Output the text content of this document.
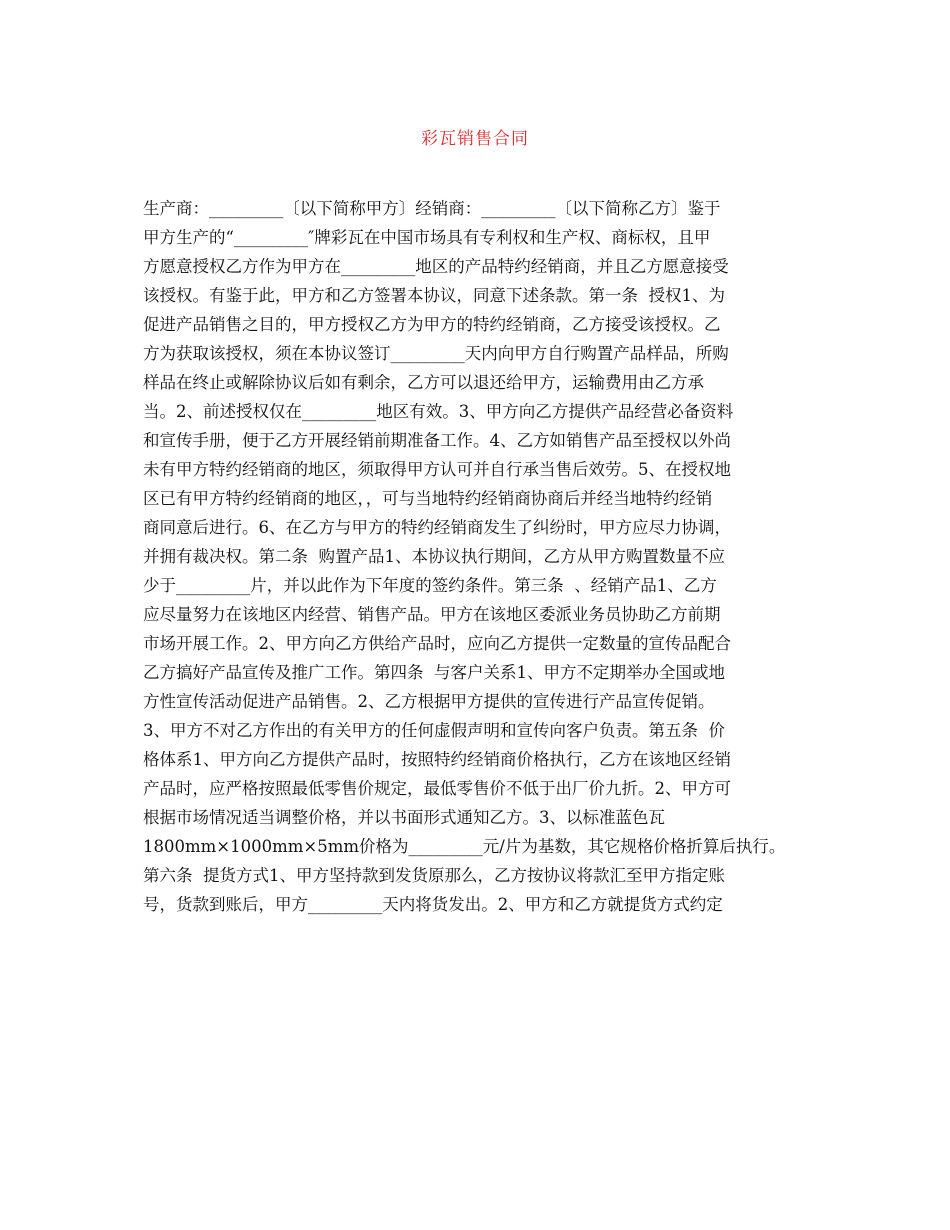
彩瓦销售合同
生产商：_________〔以下简称甲方〕经销商：_________〔以下简称乙方〕鉴于
甲方生产的“_________″牌彩瓦在中国市场具有专利权和生产权、商标权，且甲
方愿意授权乙方作为甲方在_________地区的产品特约经销商，并且乙方愿意接受
该授权。有鉴于此，甲方和乙方签署本协议，同意下述条款。第一条  授权1、为
促进产品销售之目的，甲方授权乙方为甲方的特约经销商，乙方接受该授权。乙
方为获取该授权，须在本协议签订_________天内向甲方自行购置产品样品，所购
样品在终止或解除协议后如有剩余，乙方可以退还给甲方，运输费用由乙方承
当。2、前述授权仅在_________地区有效。3、甲方向乙方提供产品经营必备资料
和宣传手册，便于乙方开展经销前期准备工作。4、乙方如销售产品至授权以外尚
未有甲方特约经销商的地区，须取得甲方认可并自行承当售后效劳。5、在授权地
区已有甲方特约经销商的地区，，可与当地特约经销商协商后并经当地特约经销
商同意后进行。6、在乙方与甲方的特约经销商发生了纠纷时，甲方应尽力协调，
并拥有裁决权。第二条  购置产品1、本协议执行期间，乙方从甲方购置数量不应
少于_________片，并以此作为下年度的签约条件。第三条  、经销产品1、乙方
应尽量努力在该地区内经营、销售产品。甲方在该地区委派业务员协助乙方前期
市场开展工作。2、甲方向乙方供给产品时，应向乙方提供一定数量的宣传品配合
乙方搞好产品宣传及推广工作。第四条  与客户关系1、甲方不定期举办全国或地
方性宣传活动促进产品销售。2、乙方根据甲方提供的宣传进行产品宣传促销。
3、甲方不对乙方作出的有关甲方的任何虚假声明和宣传向客户负责。第五条  价
格体系1、甲方向乙方提供产品时，按照特约经销商价格执行，乙方在该地区经销
产品时，应严格按照最低零售价规定，最低零售价不低于出厂价九折。2、甲方可
根据市场情况适当调整价格，并以书面形式通知乙方。3、以标准蓝色瓦
1800mm×1000mm×5mm价格为_________元/片为基数，其它规格价格折算后执行。
第六条  提货方式1、甲方坚持款到发货原那么，乙方按协议将款汇至甲方指定账
号，货款到账后，甲方_________天内将货发出。2、甲方和乙方就提货方式约定
